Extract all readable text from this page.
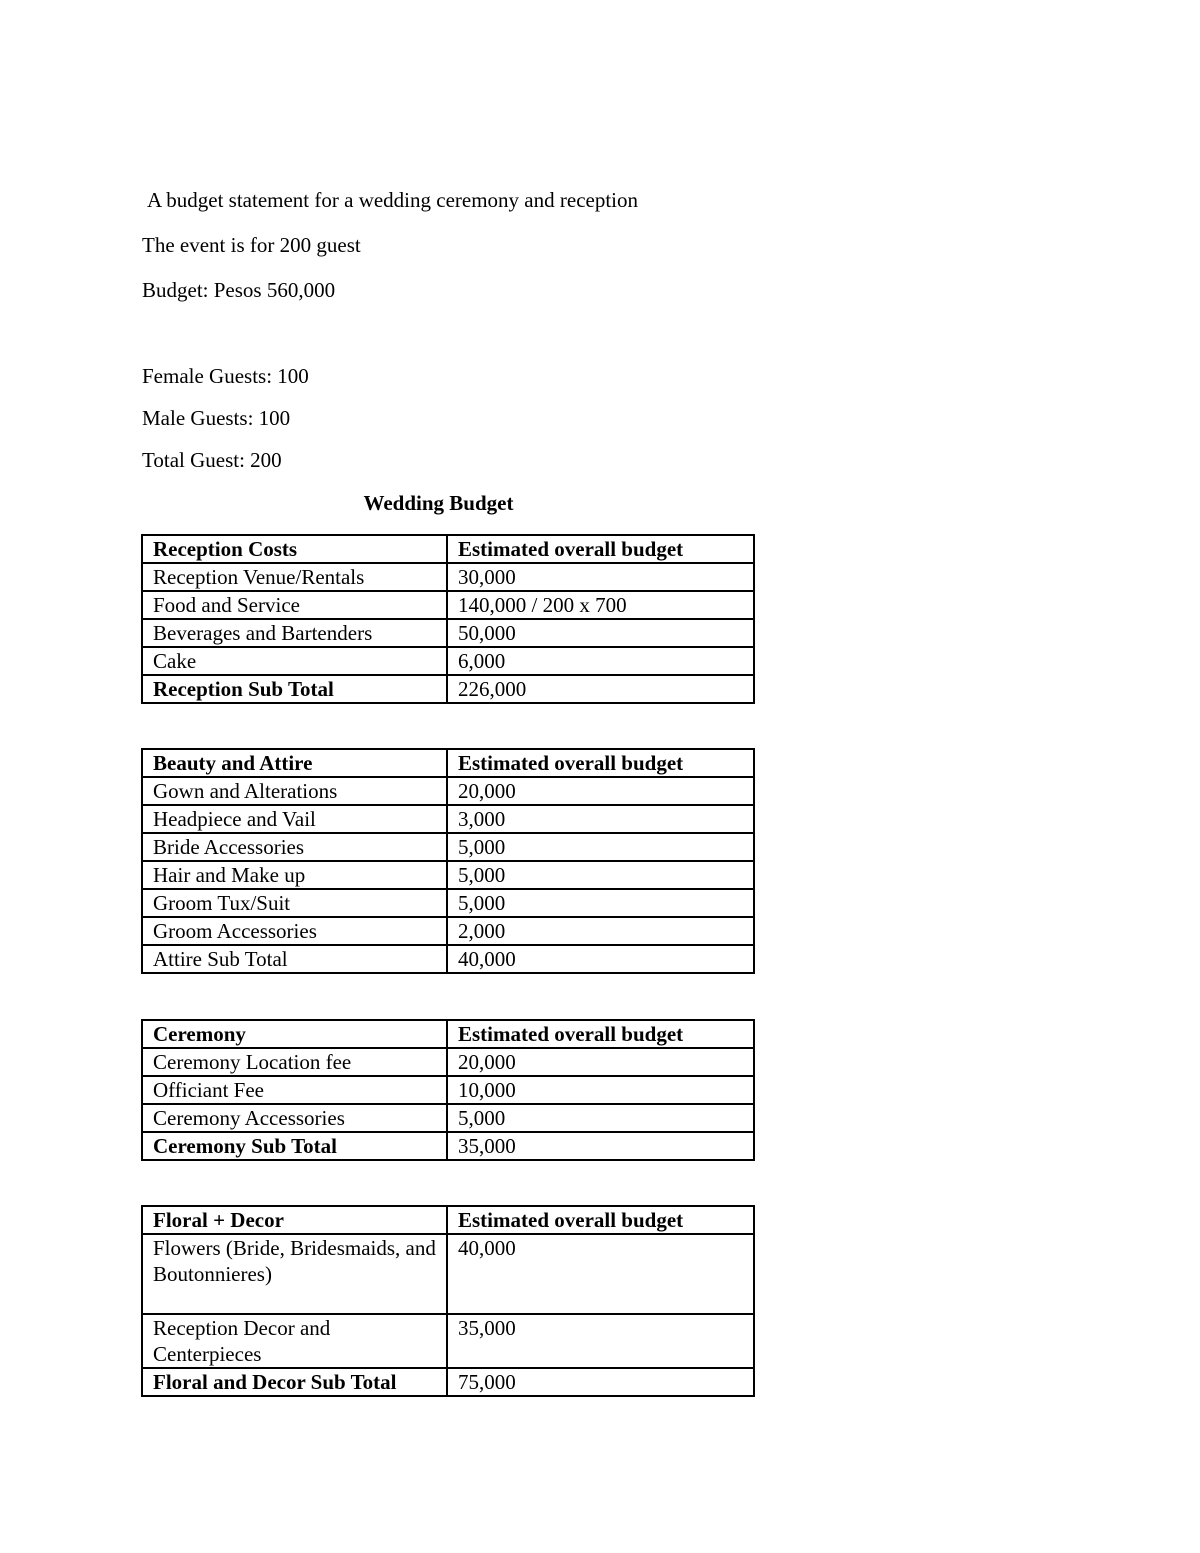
A budget statement for a wedding ceremony and reception
The event is for 200 guest
Budget: Pesos 560,000
Female Guests: 100
Male Guests: 100
Total Guest: 200
Wedding Budget
Reception Costs	Estimated overall budget
Reception Venue/Rentals	30,000
Food and Service	140,000 / 200 x 700
Beverages and Bartenders	50,000
Cake	6,000
Reception Sub Total	226,000
Beauty and Attire	Estimated overall budget
Gown and Alterations	20,000
Headpiece and Vail	3,000
Bride Accessories	5,000
Hair and Make up	5,000
Groom Tux/Suit	5,000
Groom Accessories	2,000
Attire Sub Total	40,000
Ceremony	Estimated overall budget
Ceremony Location fee	20,000
Officiant Fee	10,000
Ceremony Accessories	5,000
Ceremony Sub Total	35,000
Floral + Decor	Estimated overall budget
Flowers (Bride, Bridesmaids, and Boutonnieres)	40,000
Reception Decor and Centerpieces	35,000
Floral and Decor Sub Total	75,000
